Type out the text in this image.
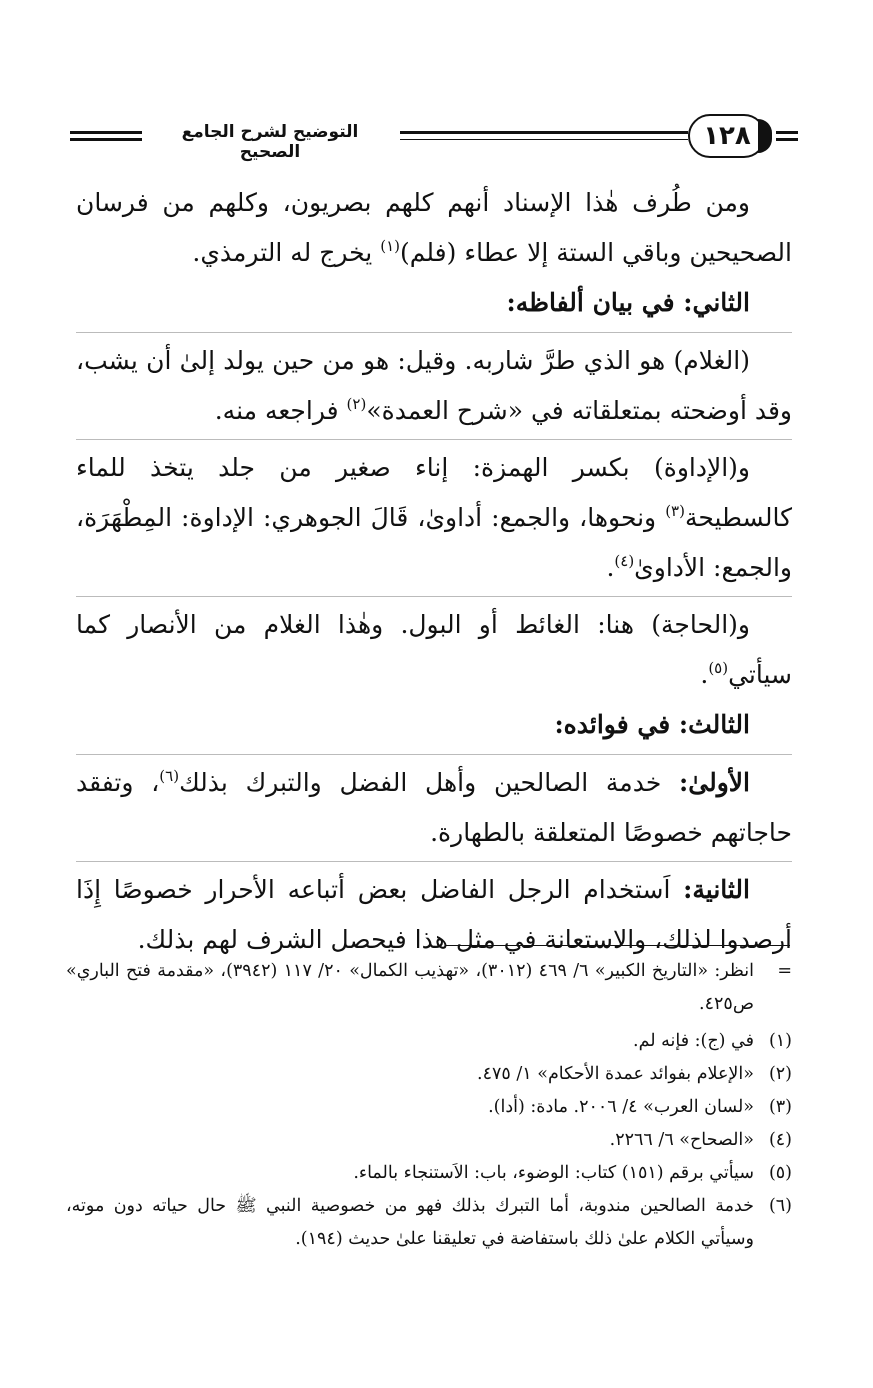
التوضيح لشرح الجامع الصحيح
١٢٨

ومن طُرف هٰذا الإسناد أنهم كلهم بصريون، وكلهم من فرسان الصحيحين وباقي الستة إلا عطاء (فلم)$^{(١)}$ يخرج له الترمذي.

الثاني: في بيان ألفاظه:

(الغلام) هو الذي طرَّ شاربه. وقيل: هو من حين يولد إلىٰ أن يشب، وقد أوضحته بمتعلقاته في «شرح العمدة»$^{(٢)}$ فراجعه منه.

و(الإداوة) بكسر الهمزة: إناء صغير من جلد يتخذ للماء كالسطيحة$^{(٣)}$ ونحوها، والجمع: أداوىٰ، قَالَ الجوهري: الإداوة: المِطْهَرَة، والجمع: الأداوىٰ$^{(٤)}$.

و(الحاجة) هنا: الغائط أو البول. وهٰذا الغلام من الأنصار كما سيأتي$^{(٥)}$.

الثالث: في فوائده:

الأولىٰ: خدمة الصالحين وأهل الفضل والتبرك بذلك$^{(٦)}$، وتفقد حاجاتهم خصوصًا المتعلقة بالطهارة.

الثانية: اَستخدام الرجل الفاضل بعض أتباعه الأحرار خصوصًا إِذَا أرصدوا لذلك، والاستعانة في مثل هذا فيحصل الشرف لهم بذلك.

=
انظر: «التاريخ الكبير» ٦/ ٤٦٩ (٣٠١٢)، «تهذيب الكمال» ٢٠/ ١١٧ (٣٩٤٢)، «مقدمة فتح الباري» ص٤٢٥.
(١)
في (ج): فإنه لم.
(٢)
«الإعلام بفوائد عمدة الأحكام» ١/ ٤٧٥.
(٣)
«لسان العرب» ٤/ ٢٠٠٦. مادة: (أدا).
(٤)
«الصحاح» ٦/ ٢٢٦٦.
(٥)
سيأتي برقم (١٥١) كتاب: الوضوء، باب: الاَستنجاء بالماء.
(٦)
خدمة الصالحين مندوبة، أما التبرك بذلك فهو من خصوصية النبي ﷺ حال حياته دون موته، وسيأتي الكلام علىٰ ذلك باستفاضة في تعليقنا علىٰ حديث (١٩٤).
